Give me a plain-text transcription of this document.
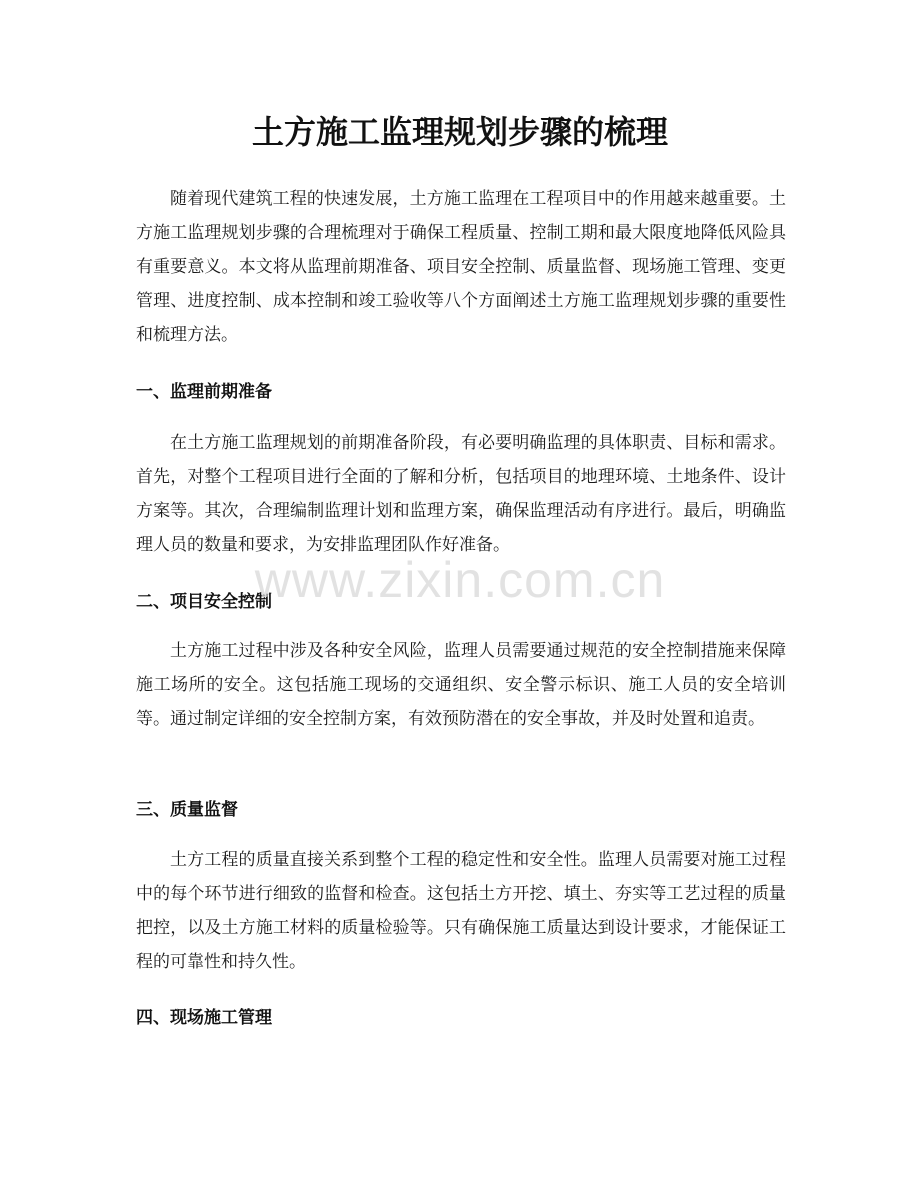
土方施工监理规划步骤的梳理

随着现代建筑工程的快速发展，土方施工监理在工程项目中的作用越来越重要。土方施工监理规划步骤的合理梳理对于确保工程质量、控制工期和最大限度地降低风险具有重要意义。本文将从监理前期准备、项目安全控制、质量监督、现场施工管理、变更管理、进度控制、成本控制和竣工验收等八个方面阐述土方施工监理规划步骤的重要性和梳理方法。

一、监理前期准备

在土方施工监理规划的前期准备阶段，有必要明确监理的具体职责、目标和需求。首先，对整个工程项目进行全面的了解和分析，包括项目的地理环境、土地条件、设计方案等。其次，合理编制监理计划和监理方案，确保监理活动有序进行。最后，明确监理人员的数量和要求，为安排监理团队作好准备。

二、项目安全控制

土方施工过程中涉及各种安全风险，监理人员需要通过规范的安全控制措施来保障施工场所的安全。这包括施工现场的交通组织、安全警示标识、施工人员的安全培训等。通过制定详细的安全控制方案，有效预防潜在的安全事故，并及时处置和追责。

三、质量监督

土方工程的质量直接关系到整个工程的稳定性和安全性。监理人员需要对施工过程中的每个环节进行细致的监督和检查。这包括土方开挖、填土、夯实等工艺过程的质量把控，以及土方施工材料的质量检验等。只有确保施工质量达到设计要求，才能保证工程的可靠性和持久性。

四、现场施工管理
www.zixin.com.cn
